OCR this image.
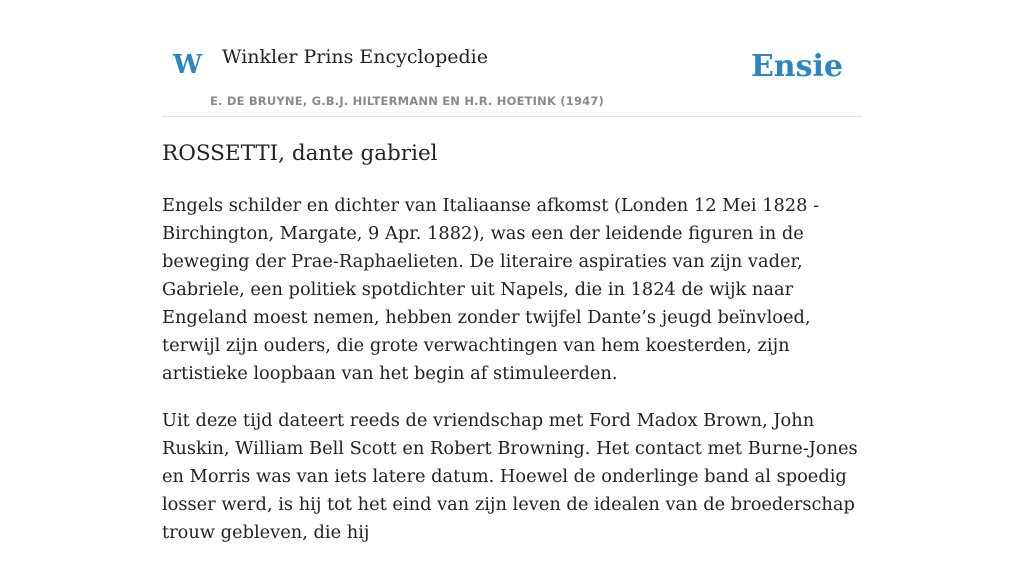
W Winkler Prins Encyclopedie
E. DE BRUYNE, G.B.J. HILTERMANN EN H.R. HOETINK (1947)
Ensie
ROSSETTI, dante gabriel

Engels schilder en dichter van Italiaanse afkomst (Londen 12 Mei 1828 - Birchington, Margate, 9 Apr. 1882), was een der leidende figuren in de beweging der Prae-Raphaelieten. De literaire aspiraties van zijn vader, Gabriele, een politiek spotdichter uit Napels, die in 1824 de wijk naar Engeland moest nemen, hebben zonder twijfel Dante’s jeugd beïnvloed, terwijl zijn ouders, die grote verwachtingen van hem koesterden, zijn artistieke loopbaan van het begin af stimuleerden.

Uit deze tijd dateert reeds de vriendschap met Ford Madox Brown, John Ruskin, William Bell Scott en Robert Browning. Het contact met Burne-Jones en Morris was van iets latere datum. Hoewel de onderlinge band al spoedig losser werd, is hij tot het eind van zijn leven de idealen van de broederschap trouw gebleven, die hij
